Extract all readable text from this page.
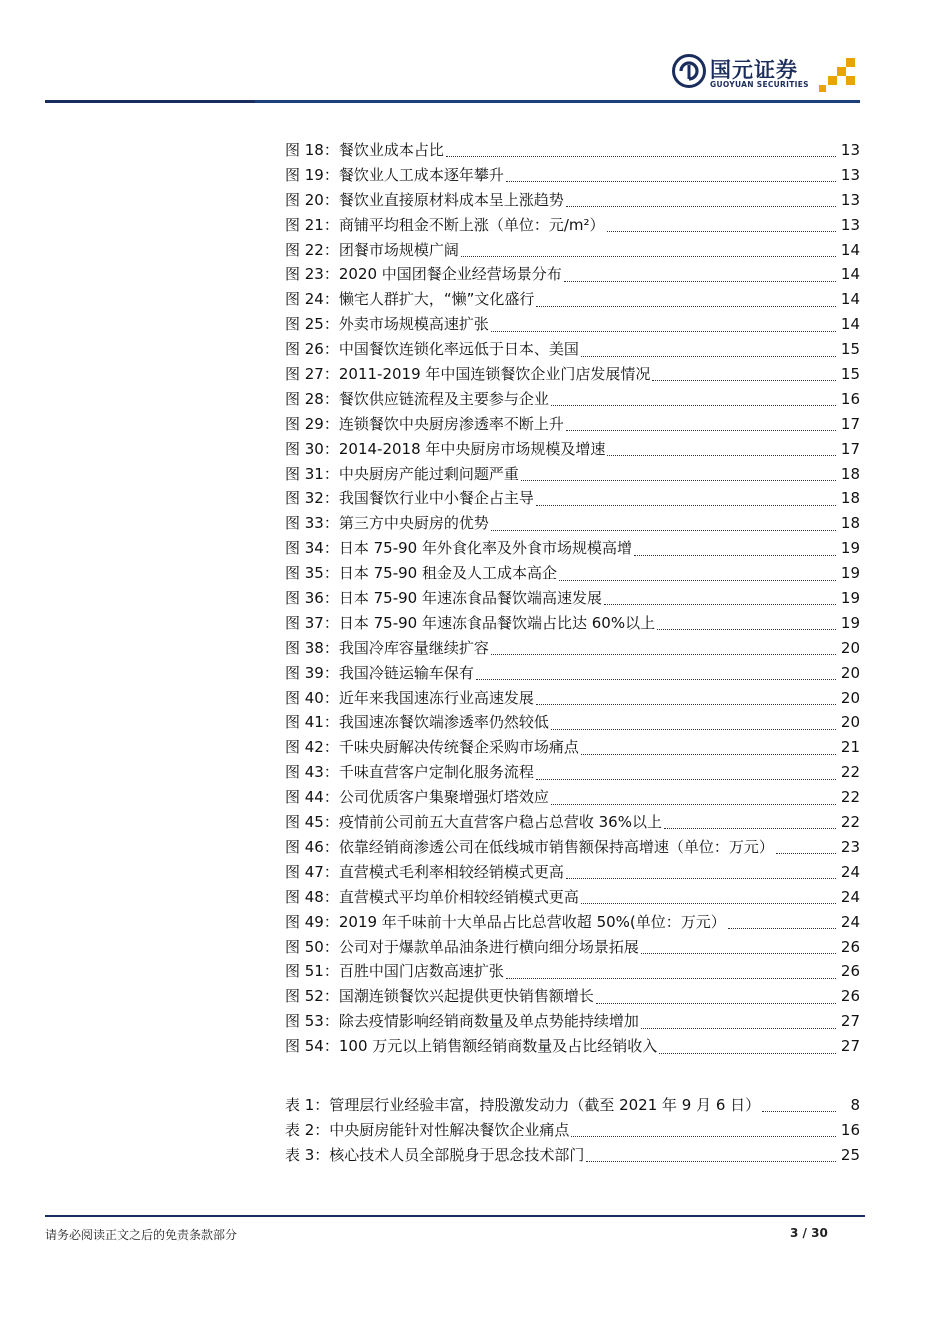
国元证券
GUOYUAN SECURITIES
图 18：餐饮业成本占比	13
图 19：餐饮业人工成本逐年攀升	13
图 20：餐饮业直接原材料成本呈上涨趋势	13
图 21：商铺平均租金不断上涨（单位：元/m²）	13
图 22：团餐市场规模广阔	14
图 23：2020 中国团餐企业经营场景分布	14
图 24：懒宅人群扩大，“懒”文化盛行	14
图 25：外卖市场规模高速扩张	14
图 26：中国餐饮连锁化率远低于日本、美国	15
图 27：2011-2019 年中国连锁餐饮企业门店发展情况	15
图 28：餐饮供应链流程及主要参与企业	16
图 29：连锁餐饮中央厨房渗透率不断上升	17
图 30：2014-2018 年中央厨房市场规模及增速	17
图 31：中央厨房产能过剩问题严重	18
图 32：我国餐饮行业中小餐企占主导	18
图 33：第三方中央厨房的优势	18
图 34：日本 75-90 年外食化率及外食市场规模高增	19
图 35：日本 75-90 租金及人工成本高企	19
图 36：日本 75-90 年速冻食品餐饮端高速发展	19
图 37：日本 75-90 年速冻食品餐饮端占比达 60%以上	19
图 38：我国冷库容量继续扩容	20
图 39：我国冷链运输车保有	20
图 40：近年来我国速冻行业高速发展	20
图 41：我国速冻餐饮端渗透率仍然较低	20
图 42：千味央厨解决传统餐企采购市场痛点	21
图 43：千味直营客户定制化服务流程	22
图 44：公司优质客户集聚增强灯塔效应	22
图 45：疫情前公司前五大直营客户稳占总营收 36%以上	22
图 46：依靠经销商渗透公司在低线城市销售额保持高增速（单位：万元）	23
图 47：直营模式毛利率相较经销模式更高	24
图 48：直营模式平均单价相较经销模式更高	24
图 49：2019 年千味前十大单品占比总营收超 50%(单位：万元）	24
图 50：公司对于爆款单品油条进行横向细分场景拓展	26
图 51：百胜中国门店数高速扩张	26
图 52：国潮连锁餐饮兴起提供更快销售额增长	26
图 53：除去疫情影响经销商数量及单点势能持续增加	27
图 54：100 万元以上销售额经销商数量及占比经销收入	27
表 1：管理层行业经验丰富，持股激发动力（截至 2021 年 9 月 6 日）	8
表 2：中央厨房能针对性解决餐饮企业痛点	16
表 3：核心技术人员全部脱身于思念技术部门	25
请务必阅读正文之后的免责条款部分	3 / 30
